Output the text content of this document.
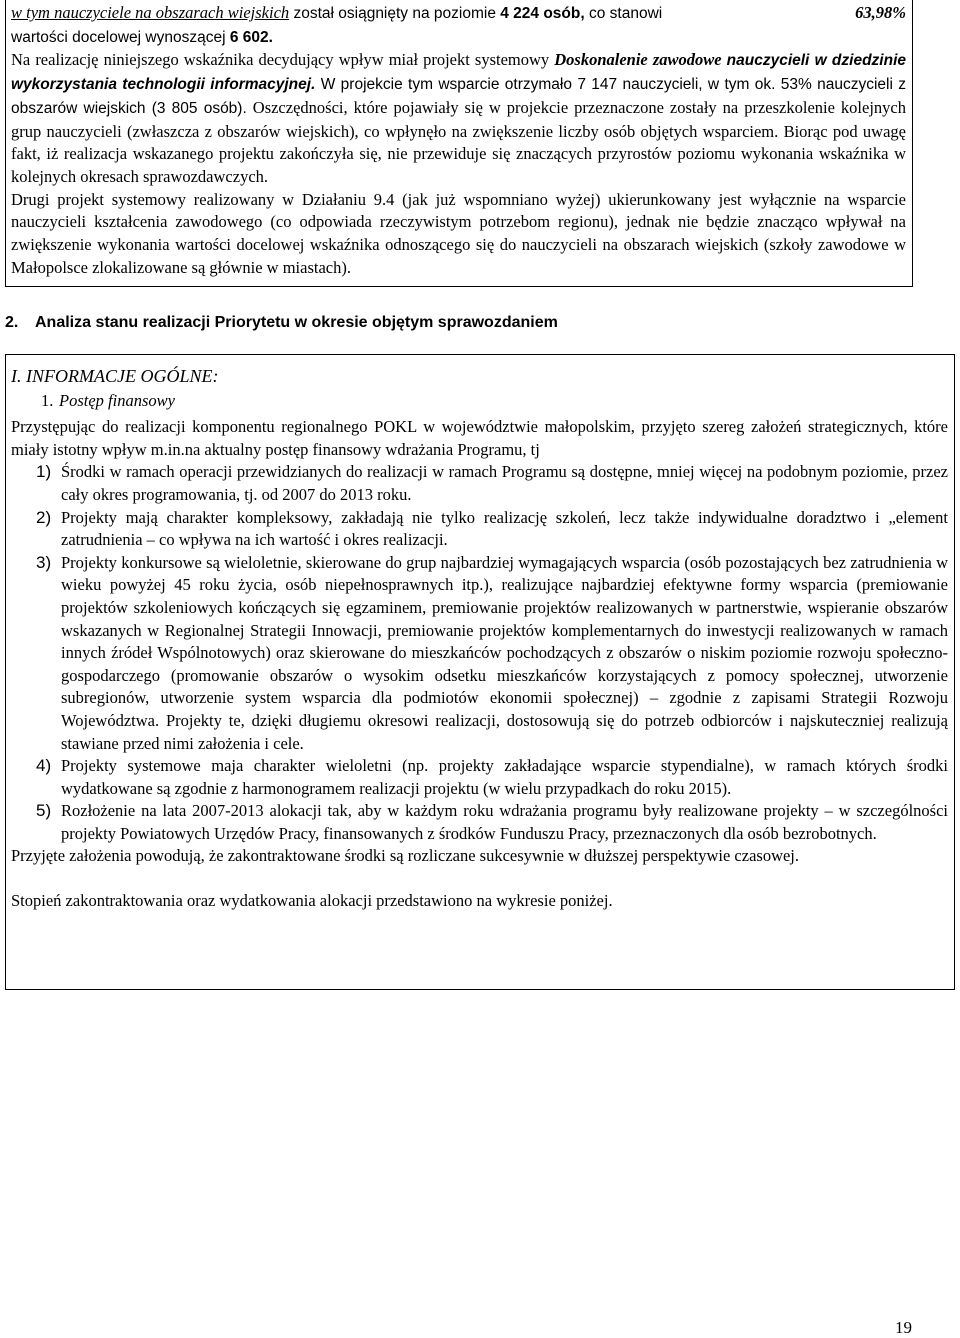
w tym nauczyciele na obszarach wiejskich został osiągnięty na poziomie 4 224 osób, co stanowi	63,98%

wartości docelowej wynoszącej 6 602.

Na realizację niniejszego wskaźnika decydujący wpływ miał projekt systemowy Doskonalenie zawodowe nauczycieli w dziedzinie wykorzystania technologii informacyjnej. W projekcie tym wsparcie otrzymało 7 147 nauczycieli, w tym ok. 53% nauczycieli z obszarów wiejskich (3 805 osób). Oszczędności, które pojawiały się w projekcie przeznaczone zostały na przeszkolenie kolejnych grup nauczycieli (zwłaszcza z obszarów wiejskich), co wpłynęło na zwiększenie liczby osób objętych wsparciem. Biorąc pod uwagę fakt, iż realizacja wskazanego projektu zakończyła się, nie przewiduje się znaczących przyrostów poziomu wykonania wskaźnika w kolejnych okresach sprawozdawczych.

Drugi projekt systemowy realizowany w Działaniu 9.4 (jak już wspomniano wyżej) ukierunkowany jest wyłącznie na wsparcie nauczycieli kształcenia zawodowego (co odpowiada rzeczywistym potrzebom regionu), jednak nie będzie znacząco wpływał na zwiększenie wykonania wartości docelowej wskaźnika odnoszącego się do nauczycieli na obszarach wiejskich (szkoły zawodowe w Małopolsce zlokalizowane są głównie w miastach).

2. Analiza stanu realizacji Priorytetu w okresie objętym sprawozdaniem

I. INFORMACJE OGÓLNE:

1. Postęp finansowy

Przystępując do realizacji komponentu regionalnego POKL w województwie małopolskim, przyjęto szereg założeń strategicznych, które miały istotny wpływ m.in.na aktualny postęp finansowy wdrażania Programu, tj

1) Środki w ramach operacji przewidzianych do realizacji w ramach Programu są dostępne, mniej więcej na podobnym poziomie, przez cały okres programowania, tj. od 2007 do 2013 roku.
2) Projekty mają charakter kompleksowy, zakładają nie tylko realizację szkoleń, lecz także indywidualne doradztwo i „element zatrudnienia – co wpływa na ich wartość i okres realizacji.
3) Projekty konkursowe są wieloletnie, skierowane do grup najbardziej wymagających wsparcia (osób pozostających bez zatrudnienia w wieku powyżej 45 roku życia, osób niepełnosprawnych itp.), realizujące najbardziej efektywne formy wsparcia (premiowanie projektów szkoleniowych kończących się egzaminem, premiowanie projektów realizowanych w partnerstwie, wspieranie obszarów wskazanych w Regionalnej Strategii Innowacji, premiowanie projektów komplementarnych do inwestycji realizowanych w ramach innych źródeł Wspólnotowych) oraz skierowane do mieszkańców pochodzących z obszarów o niskim poziomie rozwoju społeczno-gospodarczego (promowanie obszarów o wysokim odsetku mieszkańców korzystających z pomocy społecznej, utworzenie subregionów, utworzenie system wsparcia dla podmiotów ekonomii społecznej) – zgodnie z zapisami Strategii Rozwoju Województwa. Projekty te, dzięki długiemu okresowi realizacji, dostosowują się do potrzeb odbiorców i najskuteczniej realizują stawiane przed nimi założenia i cele.
4) Projekty systemowe maja charakter wieloletni (np. projekty zakładające wsparcie stypendialne), w ramach których środki wydatkowane są zgodnie z harmonogramem realizacji projektu (w wielu przypadkach do roku 2015).
5) Rozłożenie na lata 2007-2013 alokacji tak, aby w każdym roku wdrażania programu były realizowane projekty – w szczególności projekty Powiatowych Urzędów Pracy, finansowanych z środków Funduszu Pracy, przeznaczonych dla osób bezrobotnych.

Przyjęte założenia powodują, że zakontraktowane środki są rozliczane sukcesywnie w dłuższej perspektywie czasowej.

Stopień zakontraktowania oraz wydatkowania alokacji przedstawiono na wykresie poniżej.

19
